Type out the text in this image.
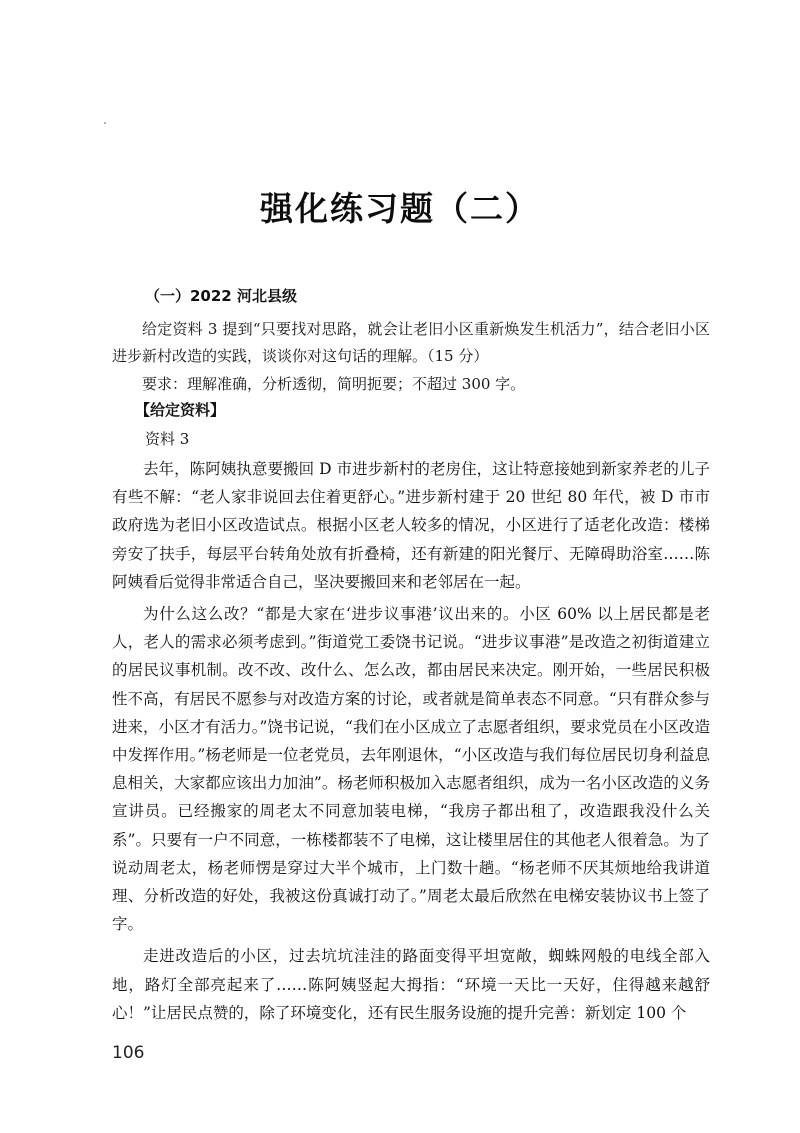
强化练习题（二）
（一）2022 河北县级

给定资料 3 提到“只要找对思路，就会让老旧小区重新焕发生机活力”，结合老旧小区进步新村改造的实践，谈谈你对这句话的理解。（15 分）

要求：理解准确，分析透彻，简明扼要；不超过 300 字。

【给定资料】
资料 3

去年，陈阿姨执意要搬回 D 市进步新村的老房住，这让特意接她到新家养老的儿子有些不解：“老人家非说回去住着更舒心。”进步新村建于 20 世纪 80 年代，被 D 市市政府选为老旧小区改造试点。根据小区老人较多的情况，小区进行了适老化改造：楼梯旁安了扶手，每层平台转角处放有折叠椅，还有新建的阳光餐厅、无障碍助浴室……陈阿姨看后觉得非常适合自己，坚决要搬回来和老邻居在一起。

为什么这么改？“都是大家在‘进步议事港’议出来的。小区 60% 以上居民都是老人，老人的需求必须考虑到。”街道党工委饶书记说。“进步议事港”是改造之初街道建立的居民议事机制。改不改、改什么、怎么改，都由居民来决定。刚开始，一些居民积极性不高，有居民不愿参与对改造方案的讨论，或者就是简单表态不同意。“只有群众参与进来，小区才有活力。”饶书记说，“我们在小区成立了志愿者组织，要求党员在小区改造中发挥作用。”杨老师是一位老党员，去年刚退休，“小区改造与我们每位居民切身利益息息相关，大家都应该出力加油”。杨老师积极加入志愿者组织，成为一名小区改造的义务宣讲员。已经搬家的周老太不同意加装电梯，“我房子都出租了，改造跟我没什么关系”。只要有一户不同意，一栋楼都装不了电梯，这让楼里居住的其他老人很着急。为了说动周老太，杨老师愣是穿过大半个城市，上门数十趟。“杨老师不厌其烦地给我讲道理、分析改造的好处，我被这份真诚打动了。”周老太最后欣然在电梯安装协议书上签了字。

走进改造后的小区，过去坑坑洼洼的路面变得平坦宽敞，蜘蛛网般的电线全部入地，路灯全部亮起来了……陈阿姨竖起大拇指：“环境一天比一天好，住得越来越舒心！”让居民点赞的，除了环境变化，还有民生服务设施的提升完善：新划定 100 个

106
